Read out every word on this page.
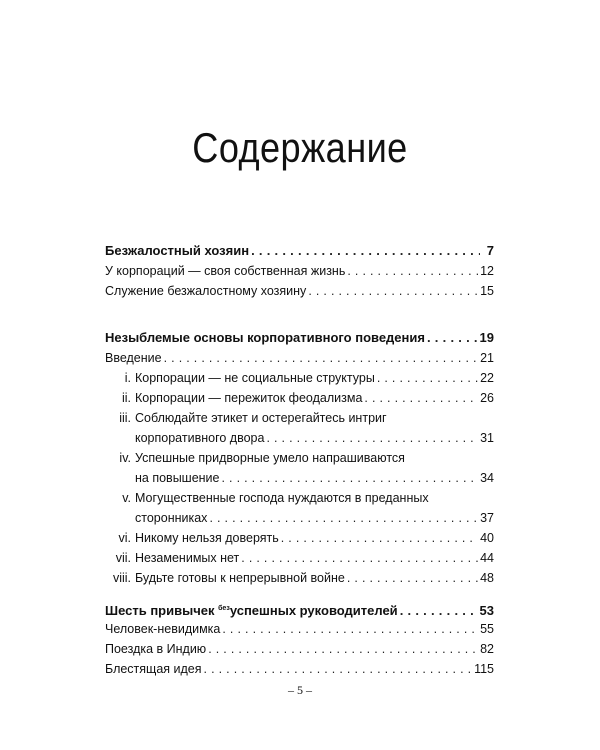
Содержание
Безжалостный хозяин . . .	7
У корпораций — своя собственная жизнь . . .	12
Служение безжалостному хозяину . . .	15
Незыблемые основы корпоративного поведения . . .	19
Введение . . .	21
i. Корпорации — не социальные структуры . . .	22
ii. Корпорации — пережиток феодализма . . .	26
iii. Соблюдайте этикет и остерегайтесь интриг
корпоративного двора . . .	31
iv. Успешные придворные умело напрашиваются
на повышение . . .	34
v. Могущественные господа нуждаются в преданных
сторонниках . . .	37
vi. Никому нельзя доверять . . .	40
vii. Незаменимых нет . . .	44
viii. Будьте готовы к непрерывной войне . . .	48
Шесть привычек $^{без}$успешных руководителей . . .	53
Человек-невидимка . . .	55
Поездка в Индию . . .	82
Блестящая идея . . .	115
– 5 –
